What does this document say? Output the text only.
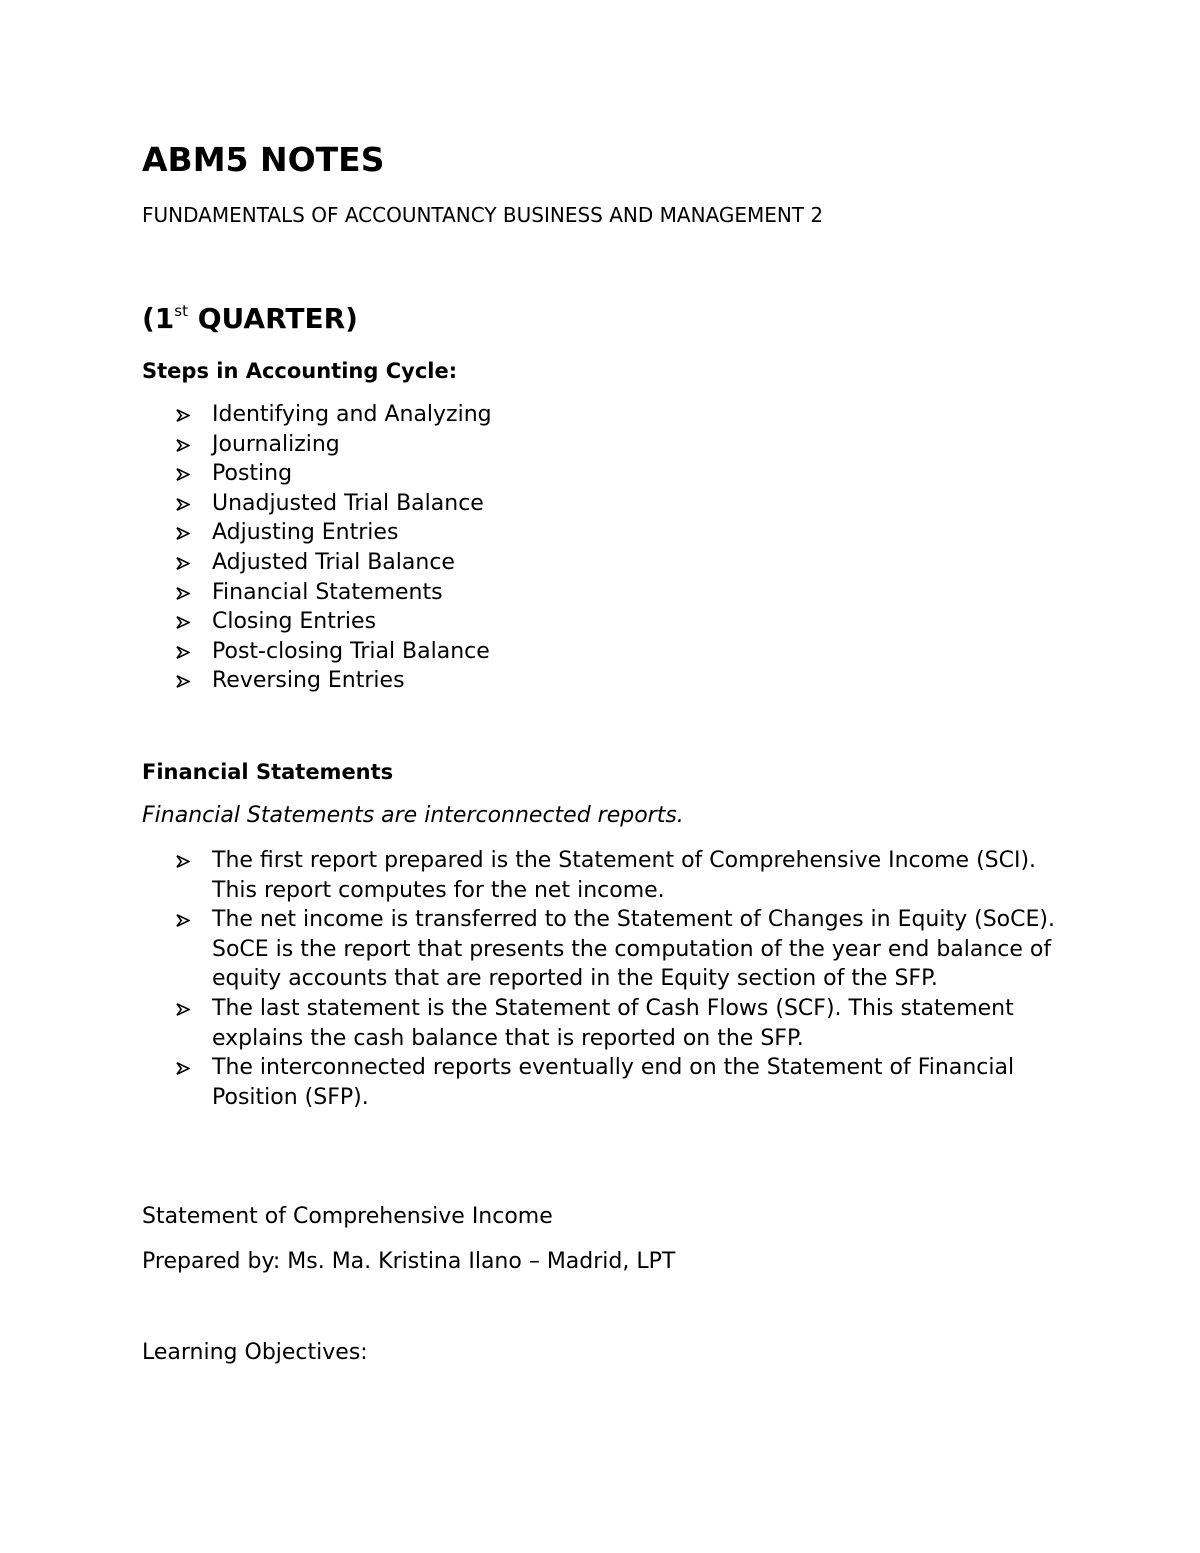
ABM5 NOTES

FUNDAMENTALS OF ACCOUNTANCY BUSINESS AND MANAGEMENT 2

(1st QUARTER)
Steps in Accounting Cycle:
Identifying and Analyzing
Journalizing
Posting
Unadjusted Trial Balance
Adjusting Entries
Adjusted Trial Balance
Financial Statements
Closing Entries
Post-closing Trial Balance
Reversing Entries
Financial Statements

Financial Statements are interconnected reports.

The first report prepared is the Statement of Comprehensive Income (SCI). This report computes for the net income.
The net income is transferred to the Statement of Changes in Equity (SoCE). SoCE is the report that presents the computation of the year end balance of equity accounts that are reported in the Equity section of the SFP.
The last statement is the Statement of Cash Flows (SCF). This statement explains the cash balance that is reported on the SFP.
The interconnected reports eventually end on the Statement of Financial Position (SFP).

Statement of Comprehensive Income

Prepared by: Ms. Ma. Kristina Ilano – Madrid, LPT

Learning Objectives:
